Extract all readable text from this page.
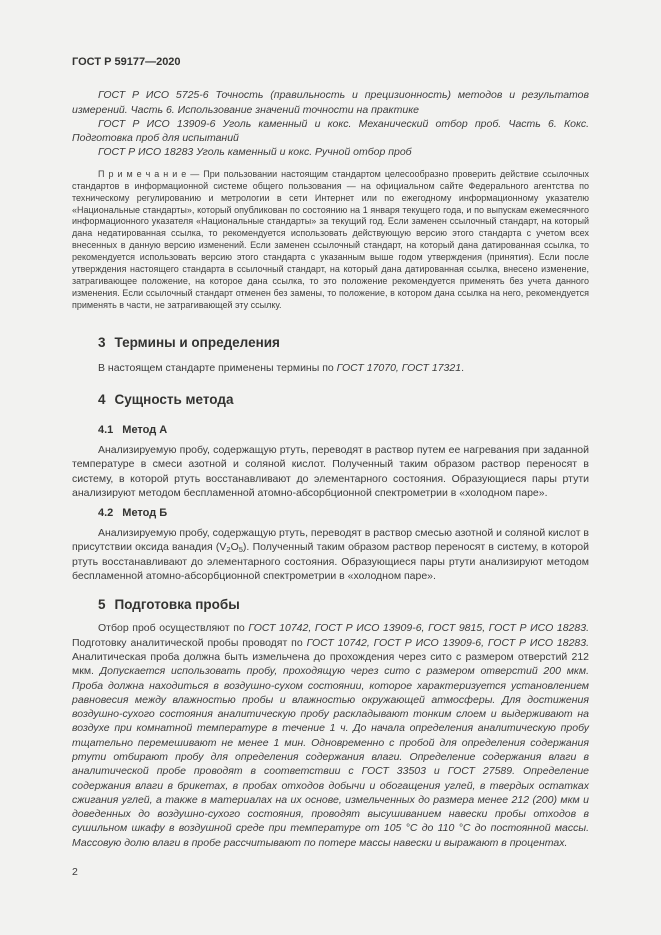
ГОСТ Р 59177—2020

ГОСТ Р ИСО 5725-6 Точность (правильность и прецизионность) методов и результатов измерений. Часть 6. Использование значений точности на практике

ГОСТ Р ИСО 13909-6 Уголь каменный и кокс. Механический отбор проб. Часть 6. Кокс. Подготовка проб для испытаний

ГОСТ Р ИСО 18283 Уголь каменный и кокс. Ручной отбор проб

П р и м е ч а н и е — При пользовании настоящим стандартом целесообразно проверить действие ссылочных стандартов в информационной системе общего пользования — на официальном сайте Федерального агентства по техническому регулированию и метрологии в сети Интернет или по ежегодному информационному указателю «Национальные стандарты», который опубликован по состоянию на 1 января текущего года, и по выпускам ежемесячного информационного указателя «Национальные стандарты» за текущий год. Если заменен ссылочный стандарт, на который дана недатированная ссылка, то рекомендуется использовать действующую версию этого стандарта с учетом всех внесенных в данную версию изменений. Если заменен ссылочный стандарт, на который дана датированная ссылка, то рекомендуется использовать версию этого стандарта с указанным выше годом утверждения (принятия). Если после утверждения настоящего стандарта в ссылочный стандарт, на который дана датированная ссылка, внесено изменение, затрагивающее положение, на которое дана ссылка, то это положение рекомендуется применять без учета данного изменения. Если ссылочный стандарт отменен без замены, то положение, в котором дана ссылка на него, рекомендуется применять в части, не затрагивающей эту ссылку.

3 Термины и определения

В настоящем стандарте применены термины по ГОСТ 17070, ГОСТ 17321.

4 Сущность метода
4.1 Метод А

Анализируемую пробу, содержащую ртуть, переводят в раствор путем ее нагревания при заданной температуре в смеси азотной и соляной кислот. Полученный таким образом раствор переносят в систему, в которой ртуть восстанавливают до элементарного состояния. Образующиеся пары ртути анализируют методом беспламенной атомно-абсорбционной спектрометрии в «холодном паре».

4.2 Метод Б

Анализируемую пробу, содержащую ртуть, переводят в раствор смесью азотной и соляной кислот в присутствии оксида ванадия $(V_2O_5)$. Полученный таким образом раствор переносят в систему, в которой ртуть восстанавливают до элементарного состояния. Образующиеся пары ртути анализируют методом беспламенной атомно-абсорбционной спектрометрии в «холодном паре».

5 Подготовка пробы

Отбор проб осуществляют по ГОСТ 10742, ГОСТ Р ИСО 13909-6, ГОСТ 9815, ГОСТ Р ИСО 18283. Подготовку аналитической пробы проводят по ГОСТ 10742, ГОСТ Р ИСО 13909-6, ГОСТ Р ИСО 18283. Аналитическая проба должна быть измельчена до прохождения через сито с размером отверстий 212 мкм. Допускается использовать пробу, проходящую через сито с размером отверстий 200 мкм. Проба должна находиться в воздушно-сухом состоянии, которое характеризуется установлением равновесия между влажностью пробы и влажностью окружающей атмосферы. Для достижения воздушно-сухого состояния аналитическую пробу раскладывают тонким слоем и выдерживают на воздухе при комнатной температуре в течение 1 ч. До начала определения аналитическую пробу тщательно перемешивают не менее 1 мин. Одновременно с пробой для определения содержания ртути отбирают пробу для определения содержания влаги. Определение содержания влаги в аналитической пробе проводят в соответствии с ГОСТ 33503 и ГОСТ 27589. Определение содержания влаги в брикетах, в пробах отходов добычи и обогащения углей, в твердых остатках сжигания углей, а также в материалах на их основе, измельченных до размера менее 212 (200) мкм и доведенных до воздушно-сухого состояния, проводят высушиванием навески пробы отходов в сушильном шкафу в воздушной среде при температуре от 105 °С до 110 °С до постоянной массы. Массовую долю влаги в пробе рассчитывают по потере массы навески и выражают в процентах.

2
